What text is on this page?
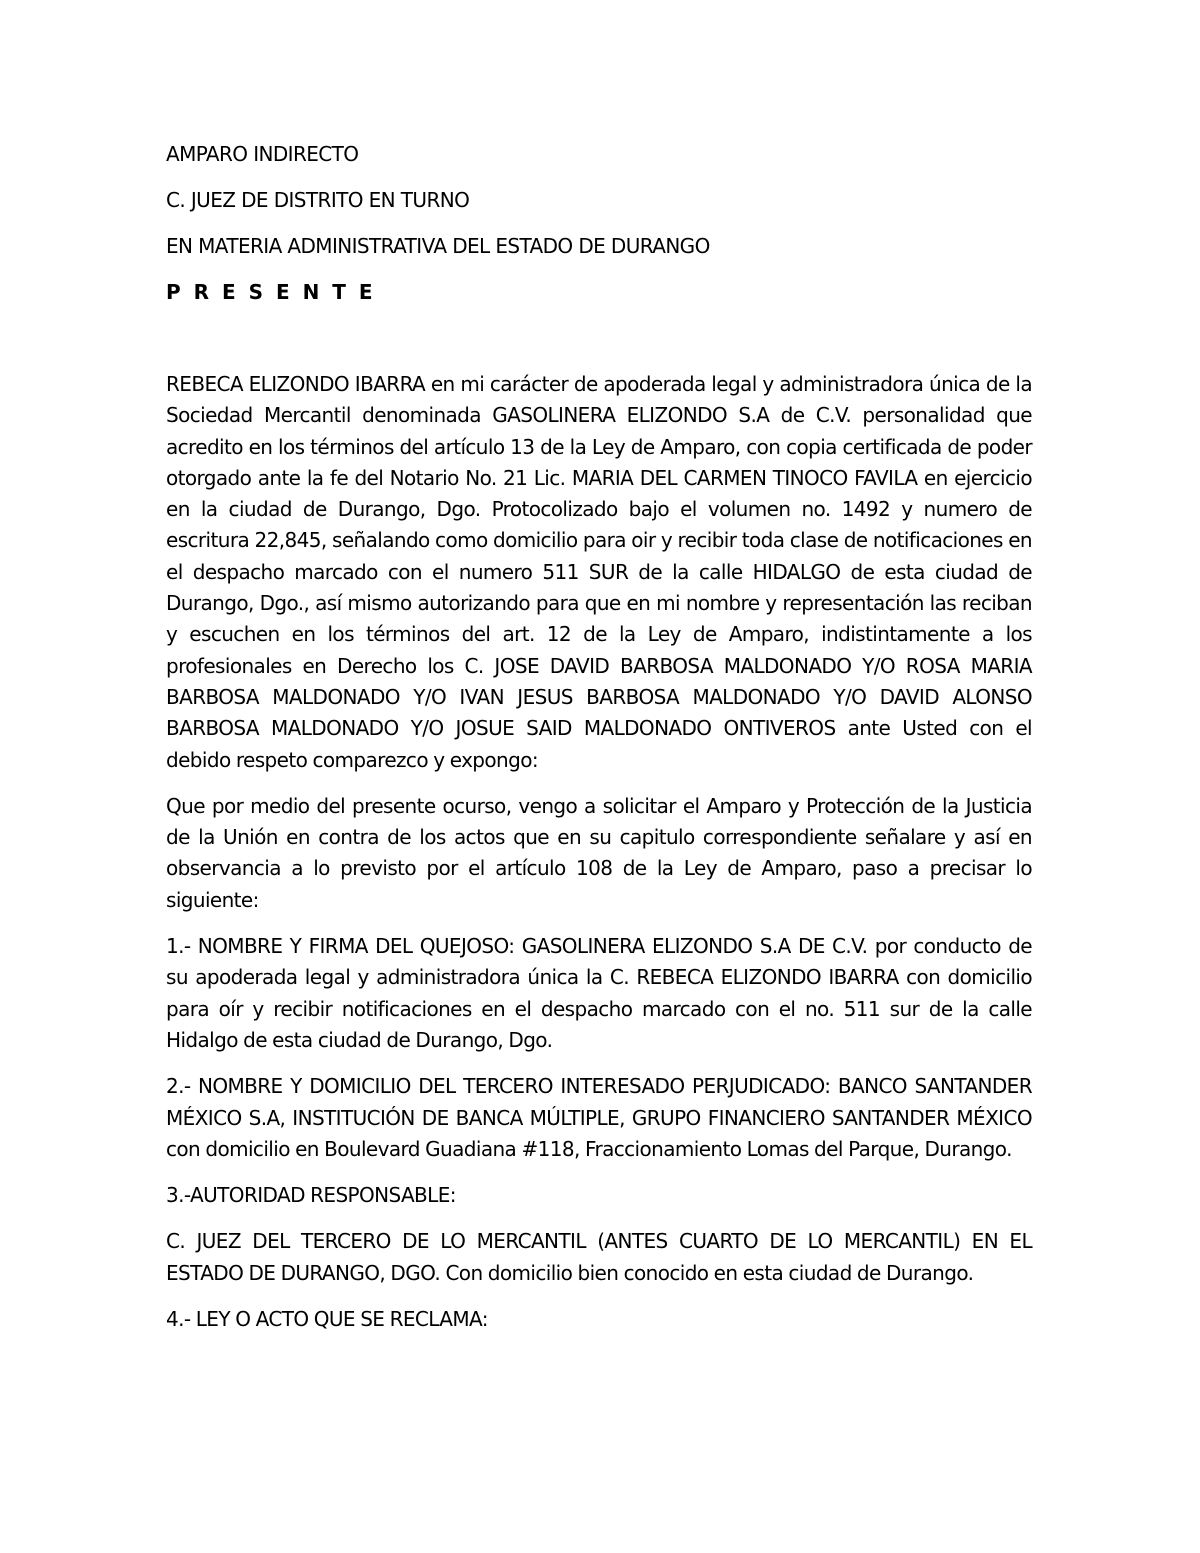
AMPARO INDIRECTO
C. JUEZ DE DISTRITO EN TURNO
EN MATERIA ADMINISTRATIVA DEL ESTADO DE DURANGO
P R E S E N T E

REBECA ELIZONDO IBARRA en mi carácter de apoderada legal y administradora única de la Sociedad Mercantil denominada GASOLINERA ELIZONDO S.A de C.V. personalidad que acredito en los términos del artículo 13 de la Ley de Amparo, con copia certificada de poder otorgado ante la fe del Notario No. 21 Lic. MARIA DEL CARMEN TINOCO FAVILA en ejercicio en la ciudad de Durango, Dgo. Protocolizado bajo el volumen no. 1492 y numero de escritura 22,845, señalando como domicilio para oir y recibir toda clase de notificaciones en el despacho marcado con el numero 511 SUR de la calle HIDALGO de esta ciudad de Durango, Dgo., así mismo autorizando para que en mi nombre y representación las reciban y escuchen en los términos del art. 12 de la Ley de Amparo, indistintamente a los profesionales en Derecho los C. JOSE DAVID BARBOSA MALDONADO Y/O ROSA MARIA BARBOSA MALDONADO Y/O IVAN JESUS BARBOSA MALDONADO Y/O DAVID ALONSO BARBOSA MALDONADO Y/O JOSUE SAID MALDONADO ONTIVEROS ante Usted con el debido respeto comparezco y expongo:

Que por medio del presente ocurso, vengo a solicitar el Amparo y Protección de la Justicia de la Unión en contra de los actos que en su capitulo correspondiente señalare y así en observancia a lo previsto por el artículo 108 de la Ley de Amparo, paso a precisar lo siguiente:

1.- NOMBRE Y FIRMA DEL QUEJOSO: GASOLINERA ELIZONDO S.A DE C.V. por conducto de su apoderada legal y administradora única la C. REBECA ELIZONDO IBARRA con domicilio para oír y recibir notificaciones en el despacho marcado con el no. 511 sur de la calle Hidalgo de esta ciudad de Durango, Dgo.

2.- NOMBRE Y DOMICILIO DEL TERCERO INTERESADO PERJUDICADO: BANCO SANTANDER MÉXICO S.A, INSTITUCIÓN DE BANCA MÚLTIPLE, GRUPO FINANCIERO SANTANDER MÉXICO con domicilio en Boulevard Guadiana #118, Fraccionamiento Lomas del Parque, Durango.

3.-AUTORIDAD RESPONSABLE:

C. JUEZ DEL TERCERO DE LO MERCANTIL (ANTES CUARTO DE LO MERCANTIL) EN EL ESTADO DE DURANGO, DGO. Con domicilio bien conocido en esta ciudad de Durango.

4.- LEY O ACTO QUE SE RECLAMA:
